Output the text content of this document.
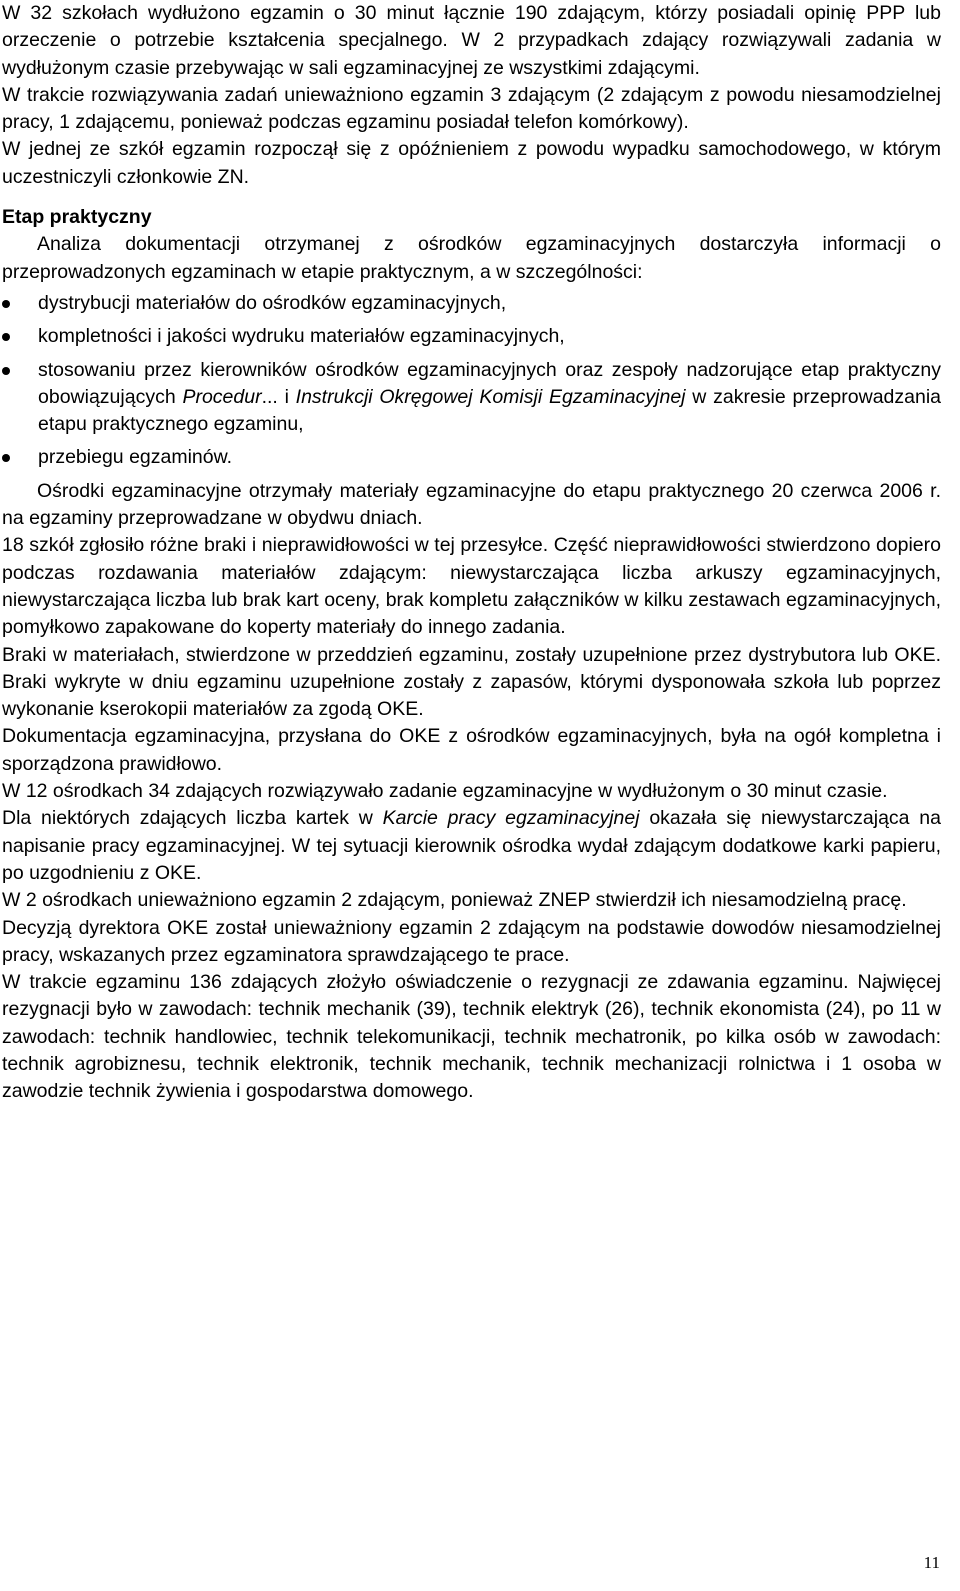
W 32 szkołach wydłużono egzamin o 30 minut łącznie 190 zdającym, którzy posiadali opinię PPP lub orzeczenie o potrzebie kształcenia specjalnego. W 2 przypadkach zdający rozwiązywali zadania w wydłużonym czasie przebywając w sali egzaminacyjnej ze wszystkimi zdającymi.

W trakcie rozwiązywania zadań unieważniono egzamin 3 zdającym (2 zdającym z powodu niesamodzielnej pracy, 1 zdającemu, ponieważ podczas egzaminu posiadał telefon komórkowy).

W jednej ze szkół egzamin rozpoczął się z opóźnieniem z powodu wypadku samochodowego, w którym uczestniczyli członkowie ZN.

Etap praktyczny

Analiza dokumentacji otrzymanej z ośrodków egzaminacyjnych dostarczyła informacji o przeprowadzonych egzaminach w etapie praktycznym, a w szczególności:

dystrybucji materiałów do ośrodków egzaminacyjnych,
kompletności i jakości wydruku materiałów egzaminacyjnych,
stosowaniu przez kierowników ośrodków egzaminacyjnych oraz zespoły nadzorujące etap praktyczny obowiązujących Procedur... i Instrukcji Okręgowej Komisji Egzaminacyjnej w zakresie przeprowadzania etapu praktycznego egzaminu,
przebiegu egzaminów.

Ośrodki egzaminacyjne otrzymały materiały egzaminacyjne do etapu praktycznego 20 czerwca 2006 r. na egzaminy przeprowadzane w obydwu dniach.

18 szkół zgłosiło różne braki i nieprawidłowości w tej przesyłce. Część nieprawidłowości stwierdzono dopiero podczas rozdawania materiałów zdającym: niewystarczająca liczba arkuszy egzaminacyjnych, niewystarczająca liczba lub brak kart oceny, brak kompletu załączników w kilku zestawach egzaminacyjnych, pomyłkowo zapakowane do koperty materiały do innego zadania.

Braki w materiałach, stwierdzone w przeddzień egzaminu, zostały uzupełnione przez dystrybutora lub OKE. Braki wykryte w dniu egzaminu uzupełnione zostały z zapasów, którymi dysponowała szkoła lub poprzez wykonanie kserokopii materiałów za zgodą OKE.

Dokumentacja egzaminacyjna, przysłana do OKE z ośrodków egzaminacyjnych, była na ogół kompletna i sporządzona prawidłowo.

W 12 ośrodkach 34 zdających rozwiązywało zadanie egzaminacyjne w wydłużonym o 30 minut czasie.

Dla niektórych zdających liczba kartek w Karcie pracy egzaminacyjnej okazała się niewystarczająca na napisanie pracy egzaminacyjnej. W tej sytuacji kierownik ośrodka wydał zdającym dodatkowe karki papieru, po uzgodnieniu z OKE.

W 2 ośrodkach unieważniono egzamin 2 zdającym, ponieważ ZNEP stwierdził ich niesamodzielną pracę.

Decyzją dyrektora OKE został unieważniony egzamin 2 zdającym na podstawie dowodów niesamodzielnej pracy, wskazanych przez egzaminatora sprawdzającego te prace.

W trakcie egzaminu 136 zdających złożyło oświadczenie o rezygnacji ze zdawania egzaminu. Najwięcej rezygnacji było w zawodach: technik mechanik (39), technik elektryk (26), technik ekonomista (24), po 11 w zawodach: technik handlowiec, technik telekomunikacji, technik mechatronik, po kilka osób w zawodach: technik agrobiznesu, technik elektronik, technik mechanik, technik mechanizacji rolnictwa i 1 osoba w zawodzie technik żywienia i gospodarstwa domowego.

11
